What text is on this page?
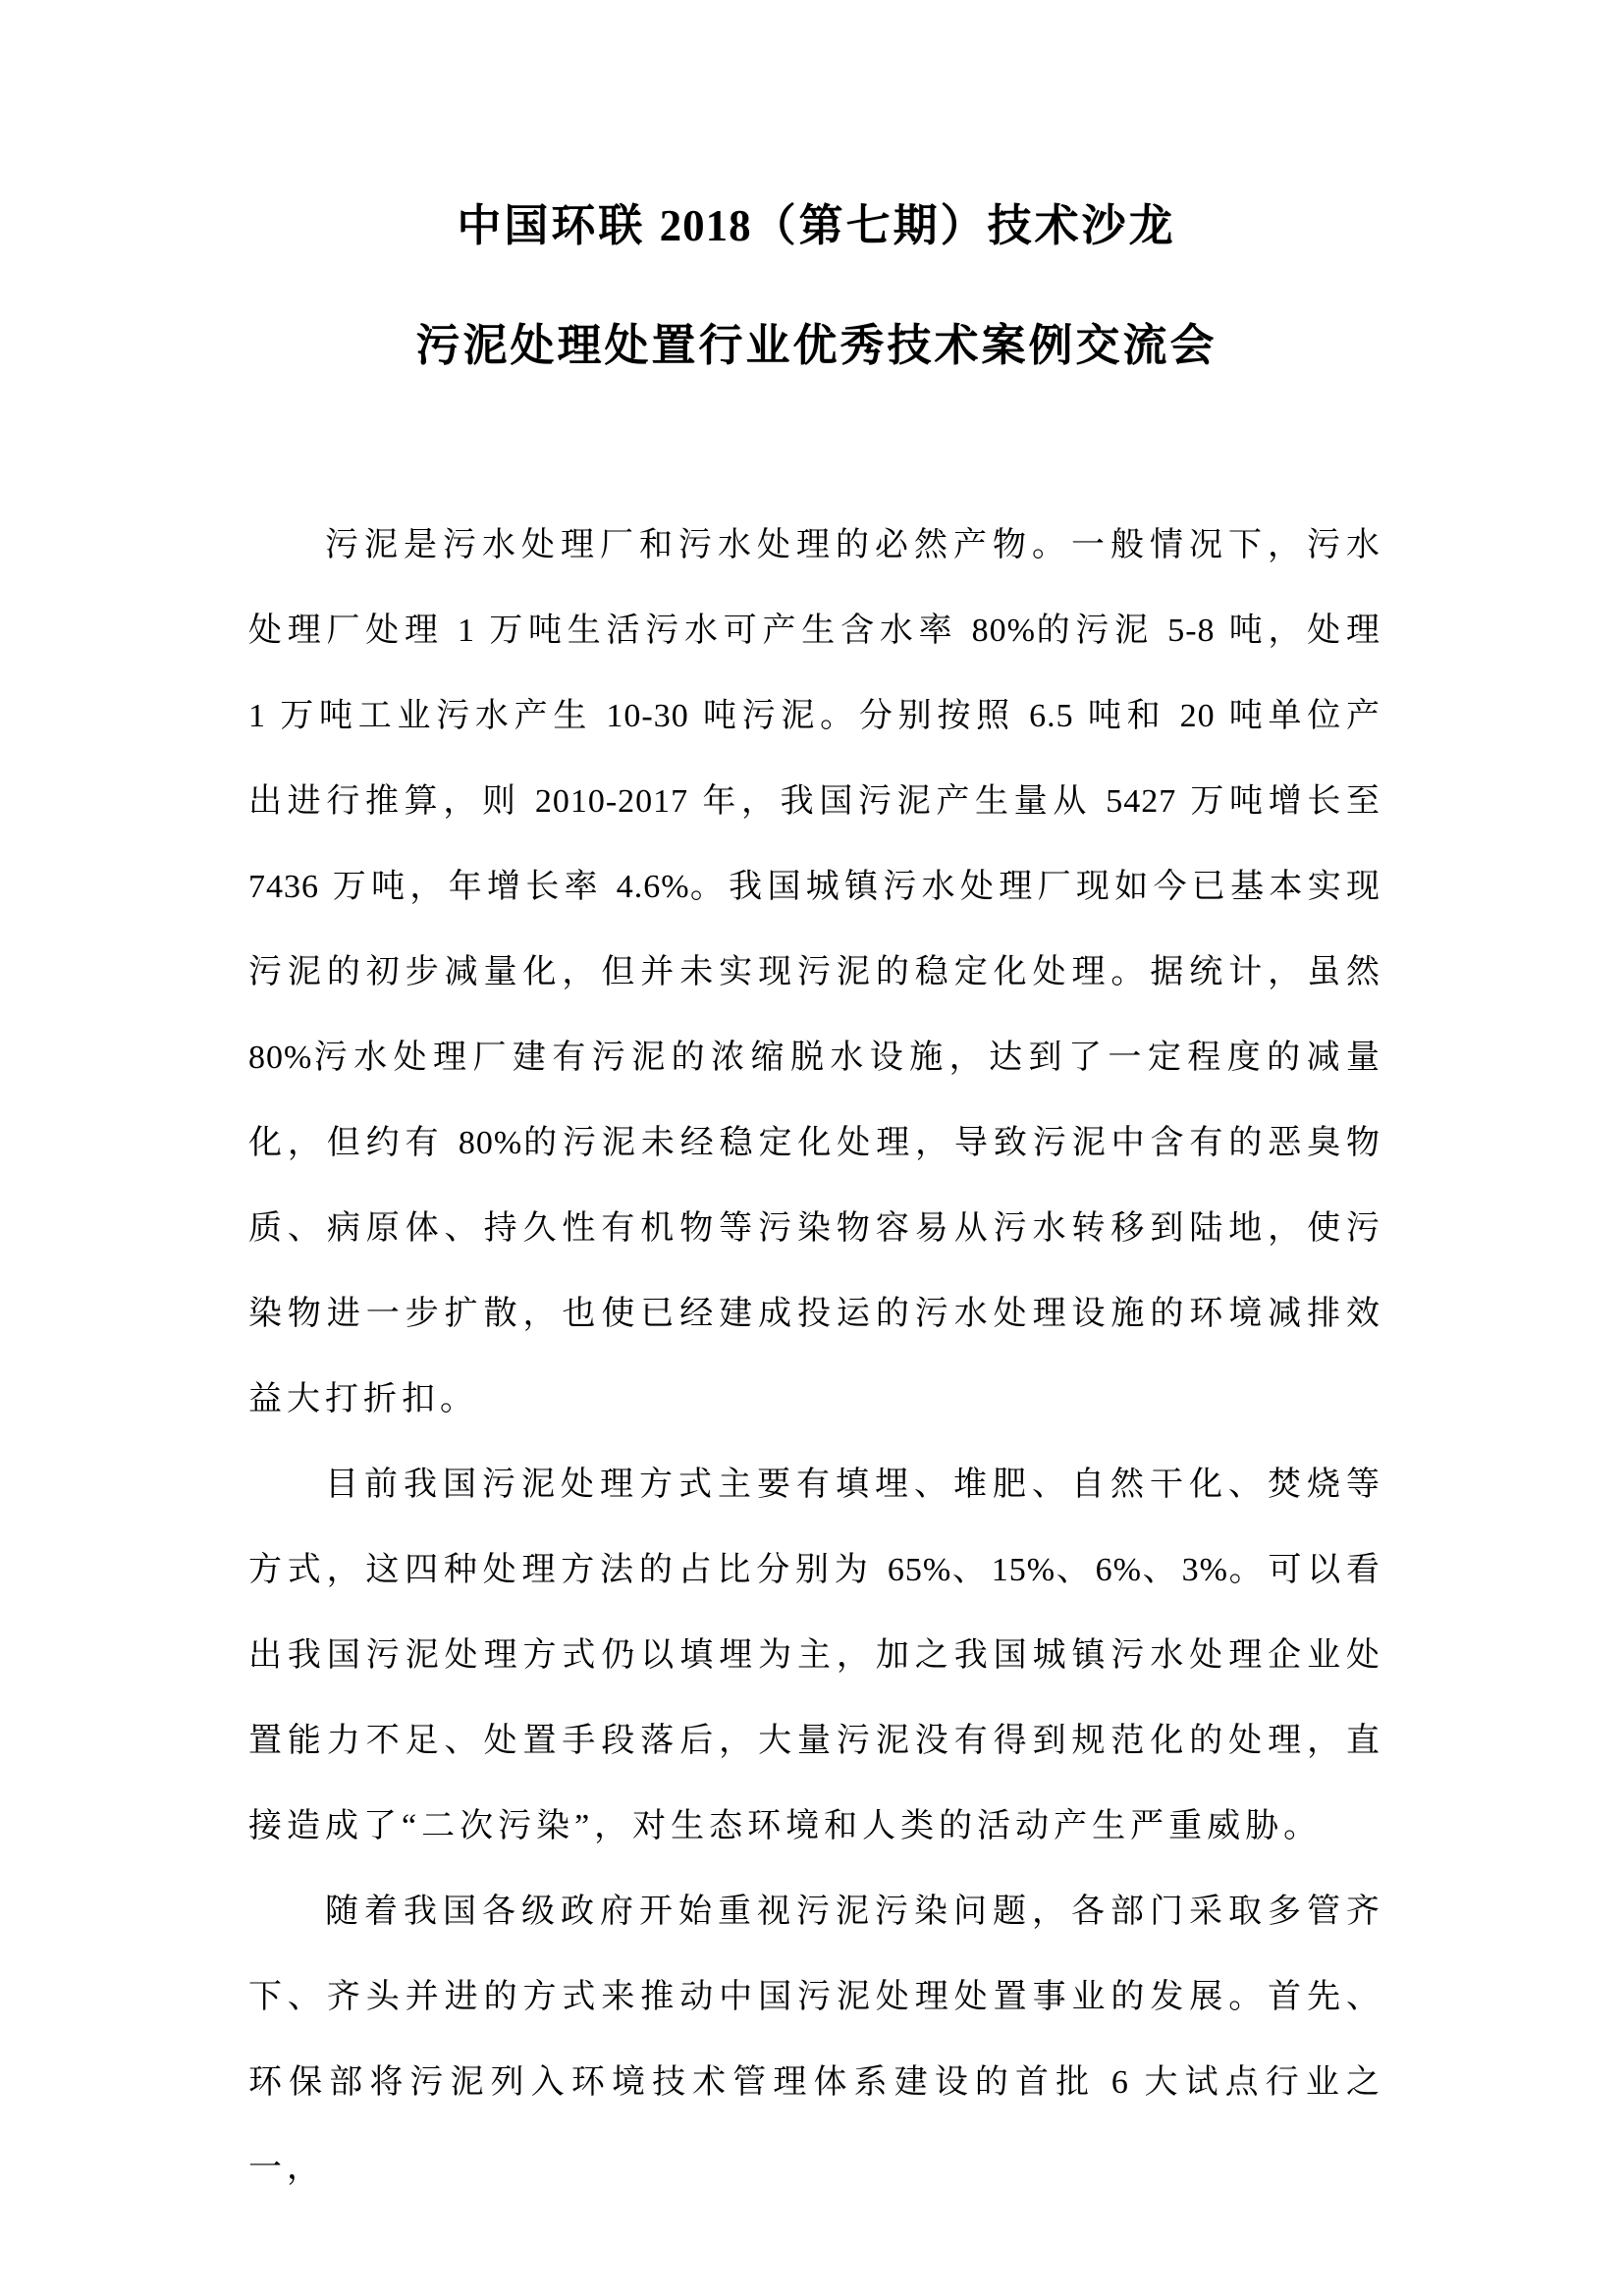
中国环联 2018（第七期）技术沙龙
污泥处理处置行业优秀技术案例交流会

污泥是污水处理厂和污水处理的必然产物。一般情况下，污水处理厂处理 1 万吨生活污水可产生含水率 80%的污泥 5-8 吨，处理 1 万吨工业污水产生 10-30 吨污泥。分别按照 6.5 吨和 20 吨单位产出进行推算，则 2010-2017 年，我国污泥产生量从 5427 万吨增长至 7436 万吨，年增长率 4.6%。我国城镇污水处理厂现如今已基本实现污泥的初步减量化，但并未实现污泥的稳定化处理。据统计，虽然 80%污水处理厂建有污泥的浓缩脱水设施，达到了一定程度的减量化，但约有 80%的污泥未经稳定化处理，导致污泥中含有的恶臭物质、病原体、持久性有机物等污染物容易从污水转移到陆地，使污染物进一步扩散，也使已经建成投运的污水处理设施的环境减排效益大打折扣。

目前我国污泥处理方式主要有填埋、堆肥、自然干化、焚烧等方式，这四种处理方法的占比分别为 65%、15%、6%、3%。可以看出我国污泥处理方式仍以填埋为主，加之我国城镇污水处理企业处置能力不足、处置手段落后，大量污泥没有得到规范化的处理，直接造成了“二次污染”，对生态环境和人类的活动产生严重威胁。

随着我国各级政府开始重视污泥污染问题，各部门采取多管齐下、齐头并进的方式来推动中国污泥处理处置事业的发展。首先、环保部将污泥列入环境技术管理体系建设的首批 6 大试点行业之一，
